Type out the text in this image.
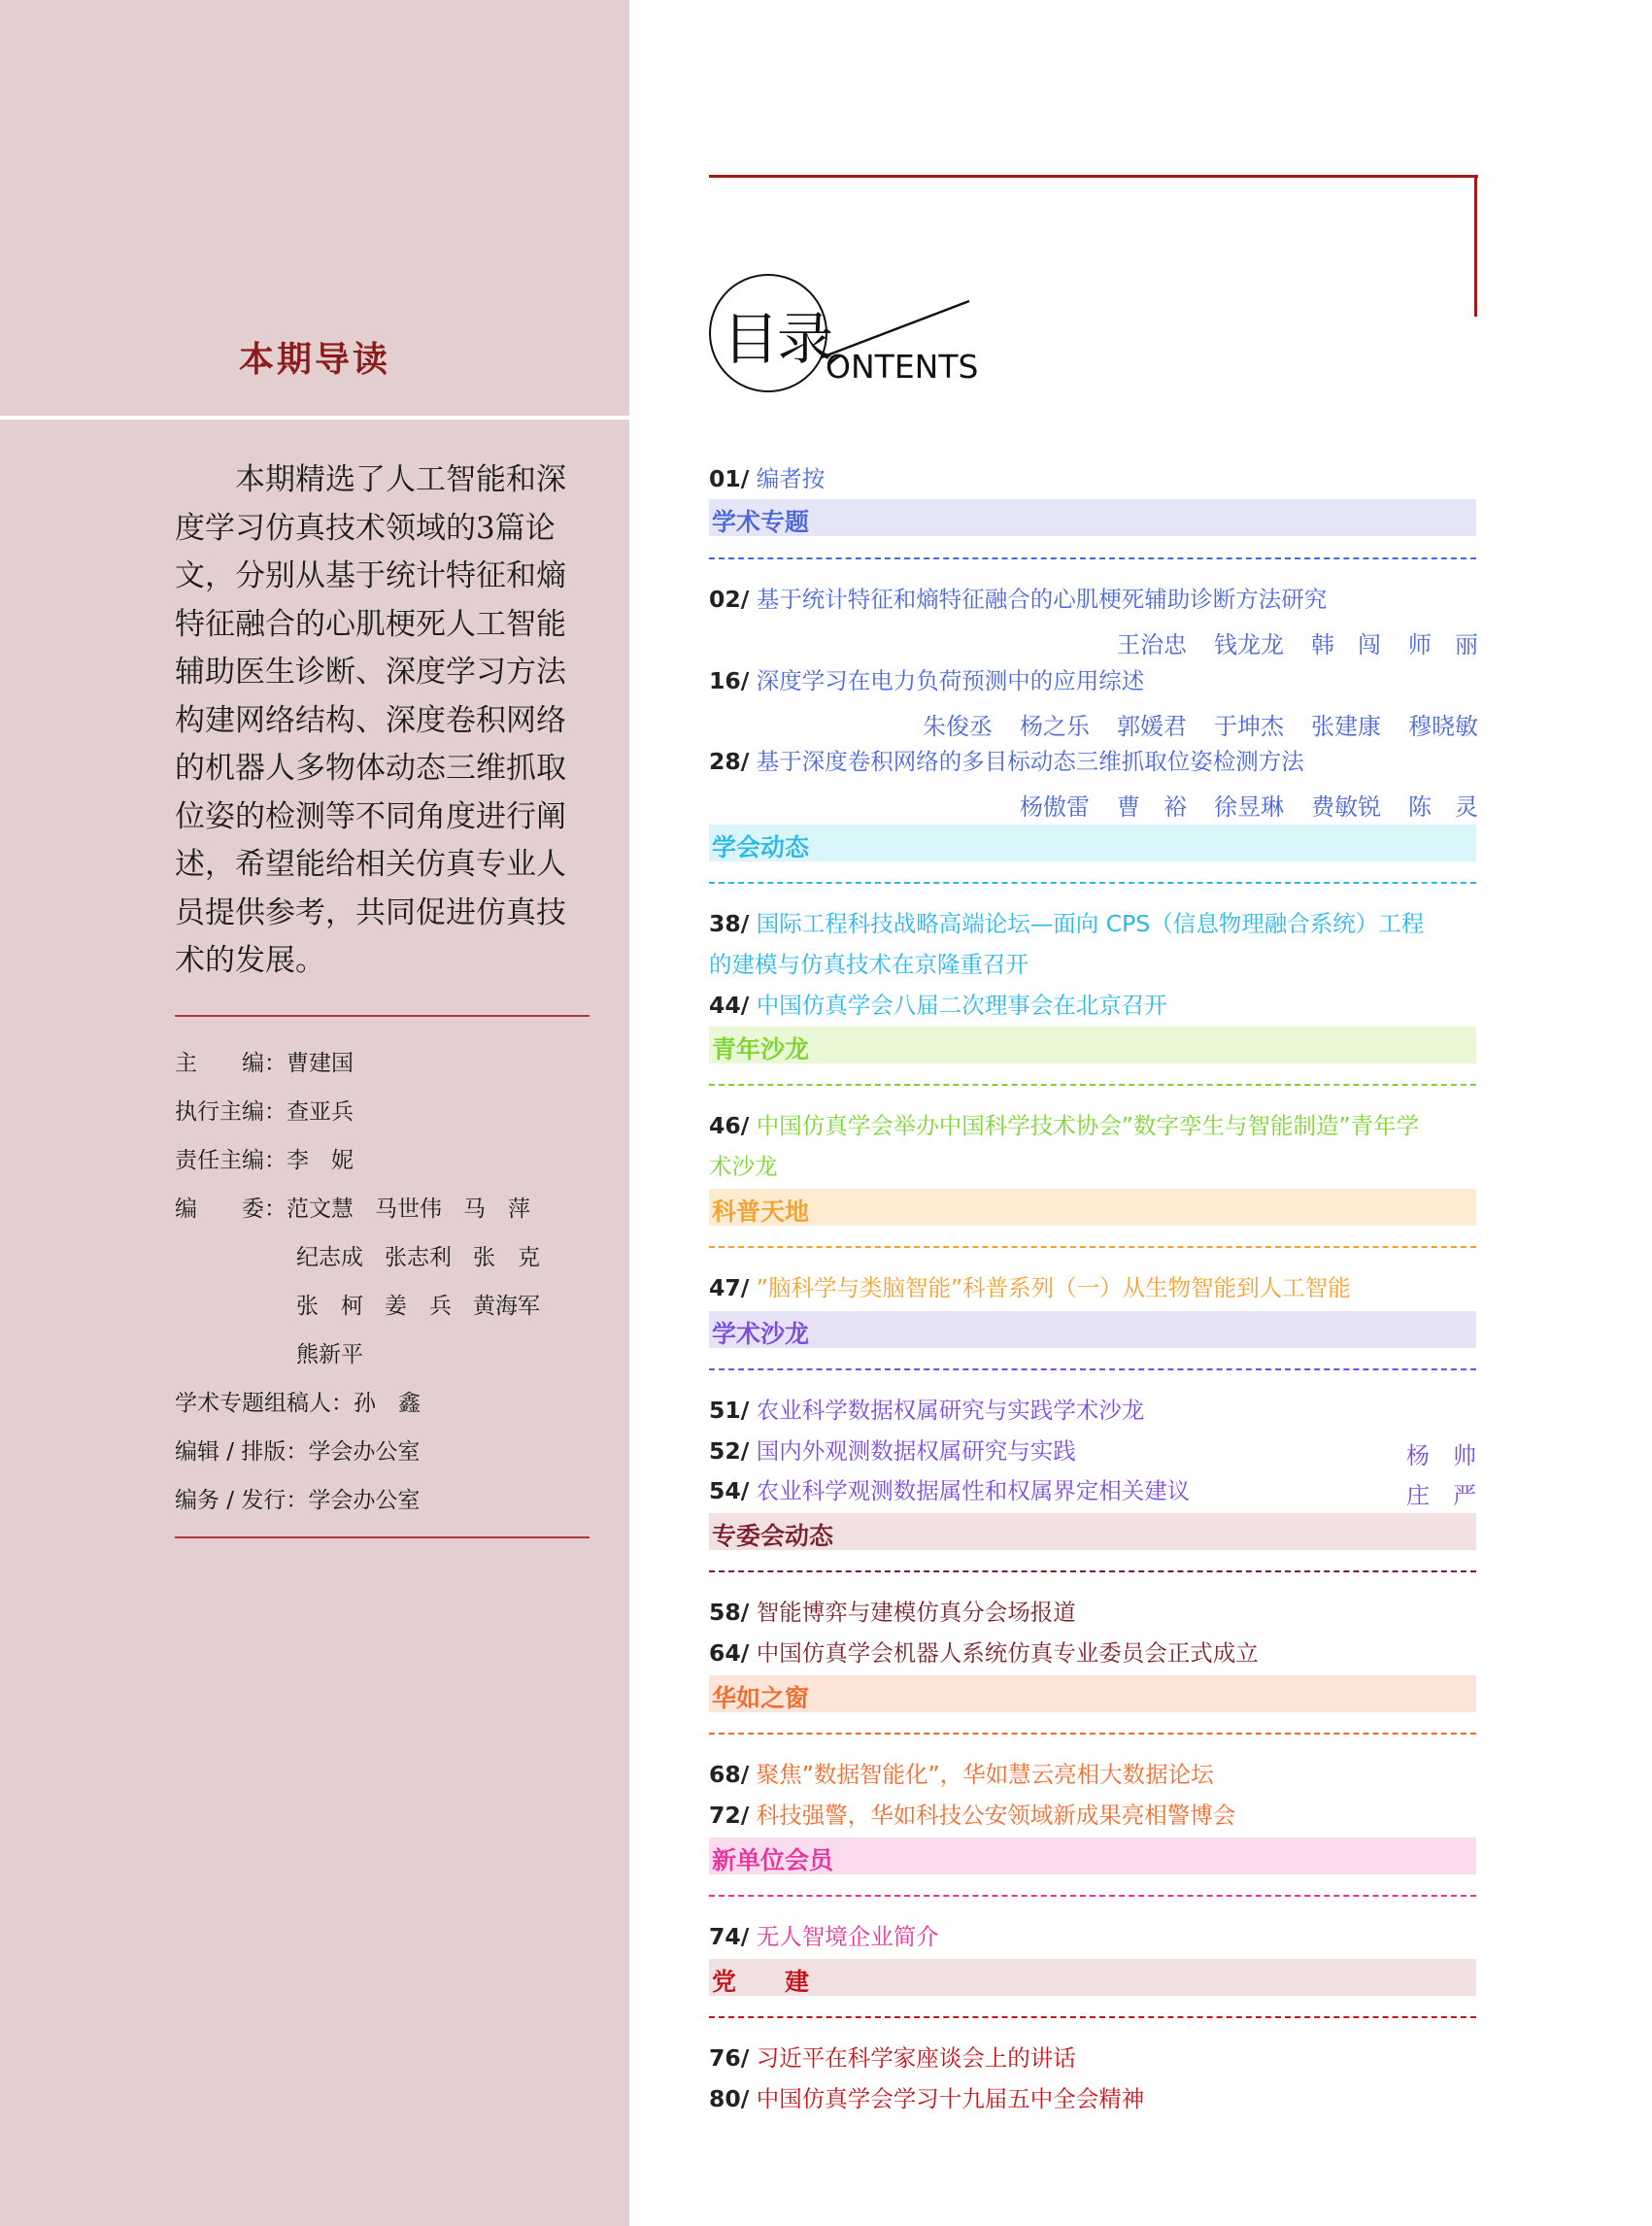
本期导读
本期精选了人工智能和深
度学习仿真技术领域的3篇论
文，分别从基于统计特征和熵
特征融合的心肌梗死人工智能
辅助医生诊断、深度学习方法
构建网络结构、深度卷积网络
的机器人多物体动态三维抓取
位姿的检测等不同角度进行阐
述，希望能给相关仿真专业人
员提供参考，共同促进仿真技
术的发展。
主　　编：曹建国
执行主编：查亚兵
责任主编：李　妮
编　　委：范文慧 马世伟 马　萍
纪志成 张志利 张　克
张　柯 姜　兵 黄海军
熊新平
学术专题组稿人：孙　鑫
编辑 / 排版：学会办公室
编务 / 发行：学会办公室
目录
ONTENTS
01/ 编者按
学术专题
02/ 基于统计特征和熵特征融合的心肌梗死辅助诊断方法研究
王治忠 钱龙龙 韩　闯 师　丽
16/ 深度学习在电力负荷预测中的应用综述
朱俊丞 杨之乐 郭媛君 于坤杰 张建康 穆晓敏
28/ 基于深度卷积网络的多目标动态三维抓取位姿检测方法
杨傲雷 曹　裕 徐昱琳 费敏锐 陈　灵
学会动态
38/ 国际工程科技战略高端论坛—面向 CPS（信息物理融合系统）工程
的建模与仿真技术在京隆重召开
44/ 中国仿真学会八届二次理事会在北京召开
青年沙龙
46/ 中国仿真学会举办中国科学技术协会”数字孪生与智能制造”青年学
术沙龙
科普天地
47/ ”脑科学与类脑智能”科普系列（一）从生物智能到人工智能
学术沙龙
51/ 农业科学数据权属研究与实践学术沙龙
52/ 国内外观测数据权属研究与实践	杨　帅
54/ 农业科学观测数据属性和权属界定相关建议	庄　严
专委会动态
58/ 智能博弈与建模仿真分会场报道
64/ 中国仿真学会机器人系统仿真专业委员会正式成立
华如之窗
68/ 聚焦”数据智能化”，华如慧云亮相大数据论坛
72/ 科技强警，华如科技公安领域新成果亮相警博会
新单位会员
74/ 无人智境企业简介
党　　建
76/ 习近平在科学家座谈会上的讲话
80/ 中国仿真学会学习十九届五中全会精神
